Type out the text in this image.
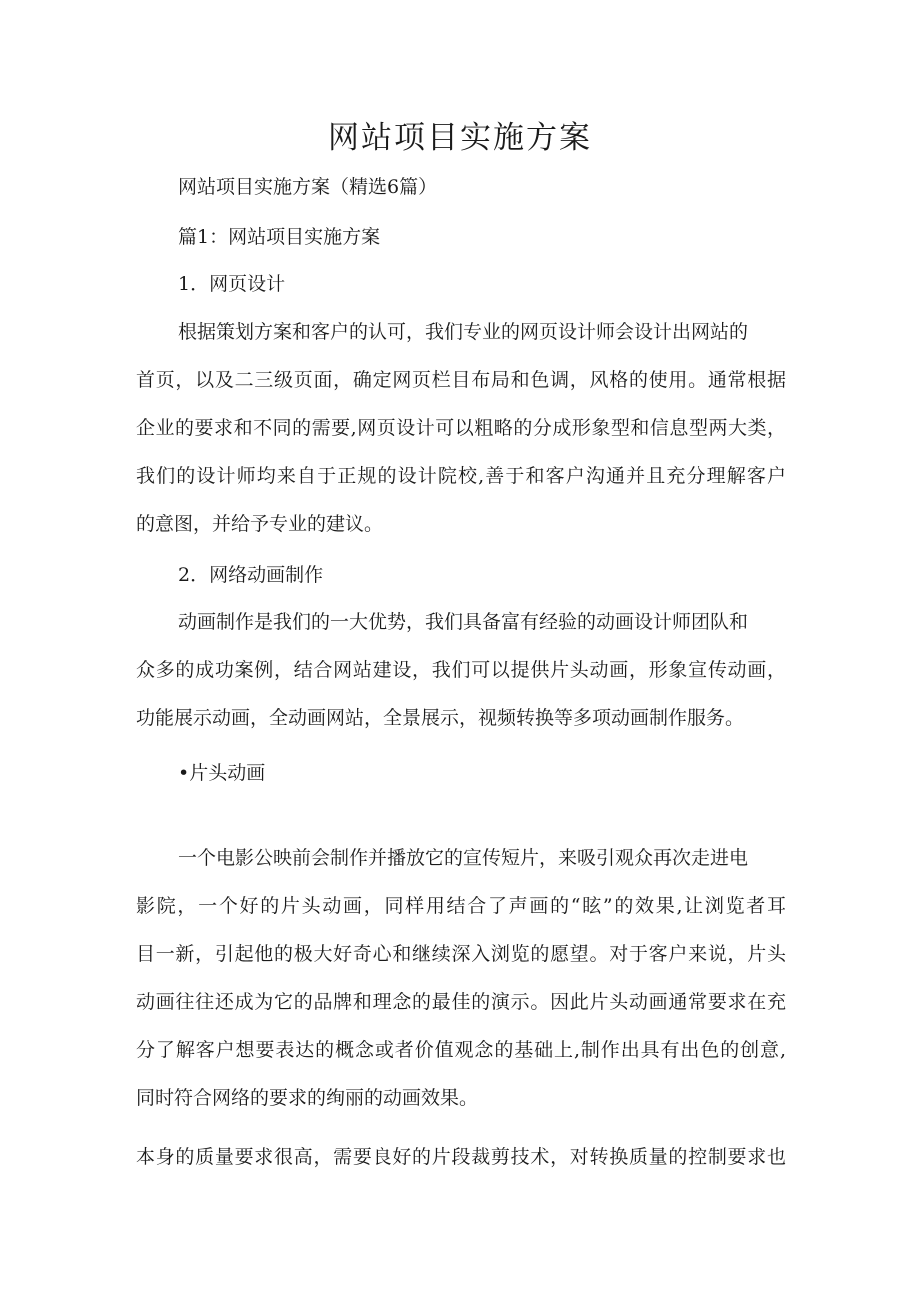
网站项目实施方案

网站项目实施方案（精选6篇）

篇1：网站项目实施方案

1．网页设计

根据策划方案和客户的认可，我们专业的网页设计师会设计出网站的

首页，以及二三级页面，确定网页栏目布局和色调，风格的使用。通常根据

企业的要求和不同的需要,网页设计可以粗略的分成形象型和信息型两大类，

我们的设计师均来自于正规的设计院校,善于和客户沟通并且充分理解客户

的意图，并给予专业的建议。

2．网络动画制作

动画制作是我们的一大优势，我们具备富有经验的动画设计师团队和

众多的成功案例，结合网站建设，我们可以提供片头动画，形象宣传动画，

功能展示动画，全动画网站，全景展示，视频转换等多项动画制作服务。

•片头动画

一个电影公映前会制作并播放它的宣传短片，来吸引观众再次走进电

影院，一个好的片头动画，同样用结合了声画的“眩”的效果,让浏览者耳

目一新，引起他的极大好奇心和继续深入浏览的愿望。对于客户来说，片头

动画往往还成为它的品牌和理念的最佳的演示。因此片头动画通常要求在充

分了解客户想要表达的概念或者价值观念的基础上,制作出具有出色的创意,

同时符合网络的要求的绚丽的动画效果。

本身的质量要求很高，需要良好的片段裁剪技术，对转换质量的控制要求也
